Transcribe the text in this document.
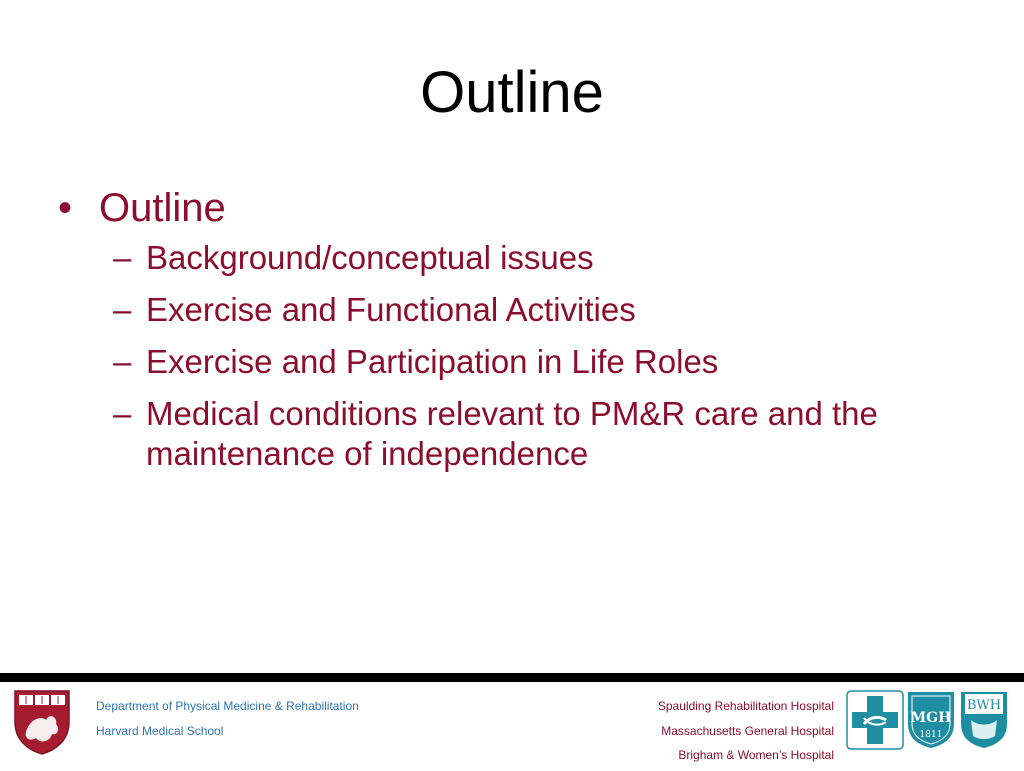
Outline
• Outline
– Background/conceptual issues
– Exercise and Functional Activities
– Exercise and Participation in Life Roles
– Medical conditions relevant to PM&R care and the maintenance of independence
Department of Physical Medicine & Rehabilitation
Harvard Medical School
Spaulding Rehabilitation Hospital
Massachusetts General Hospital
Brigham & Women’s Hospital
MGH
1811
BWH
